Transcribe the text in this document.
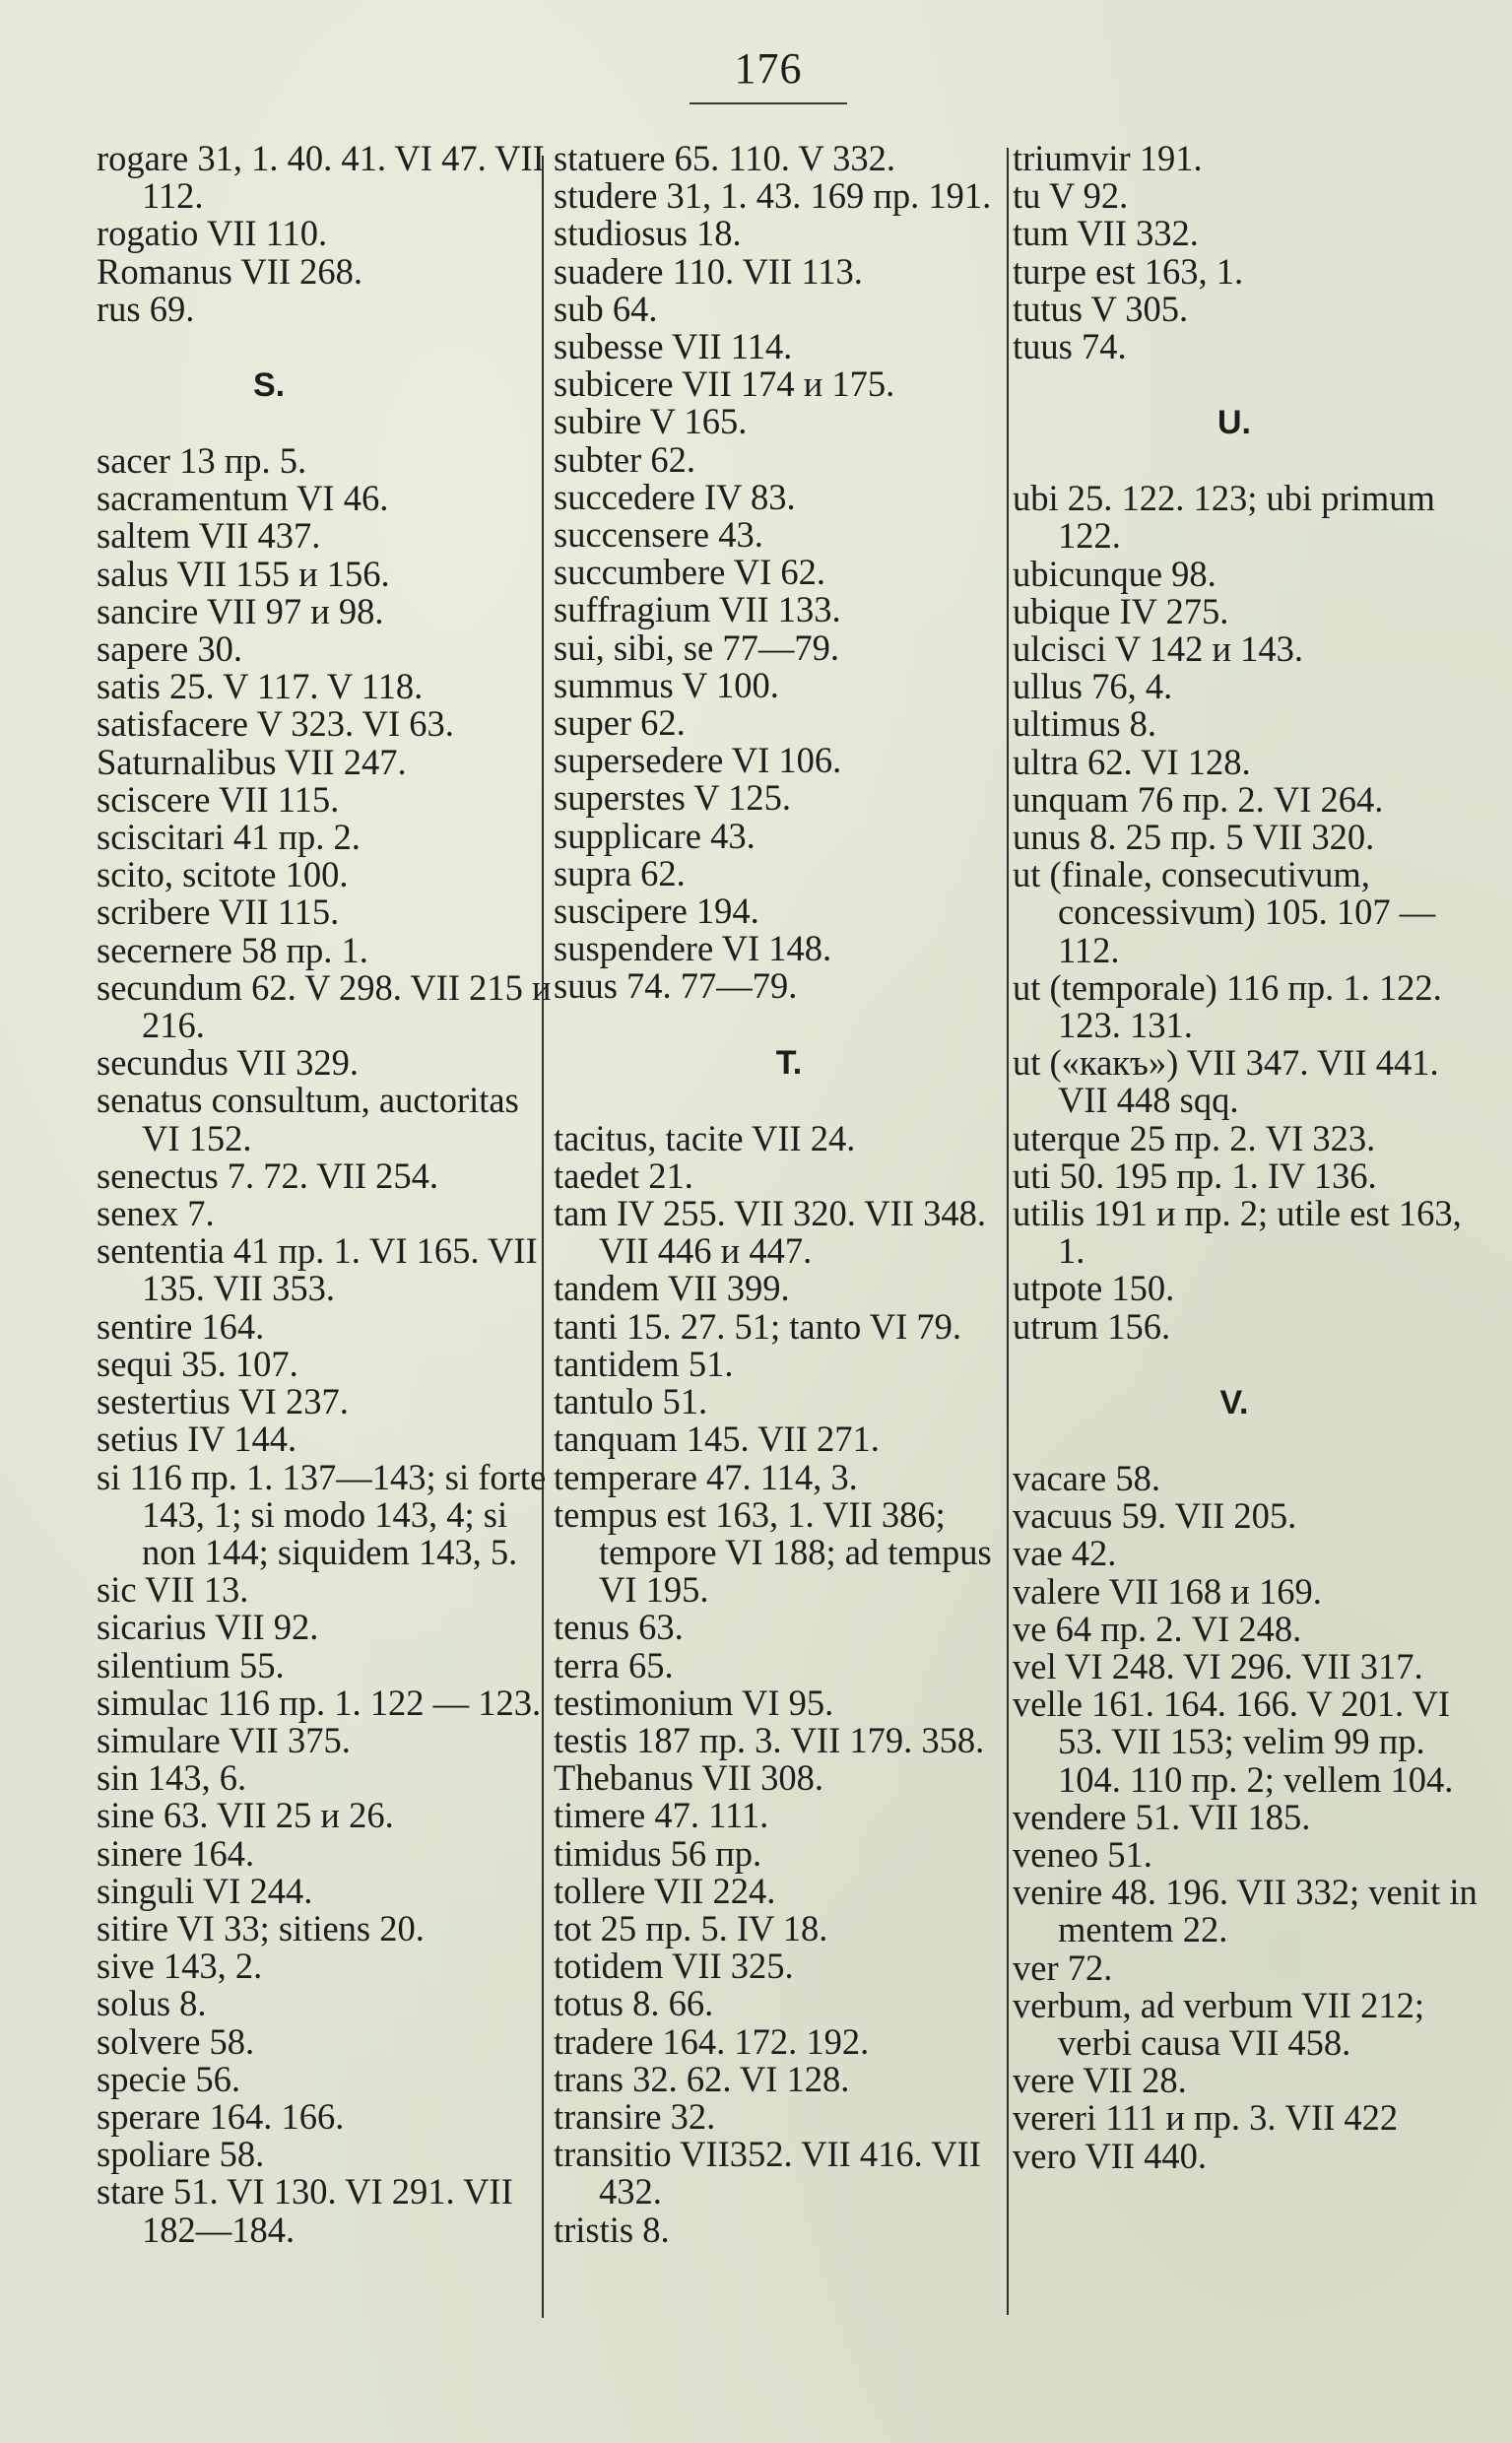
176
rogare 31, 1. 40. 41. VI 47. VII 112.
rogatio VII 110.
Romanus VII 268.
rus 69.
S.
sacer 13 пр. 5.
sacramentum VI 46.
saltem VII 437.
salus VII 155 и 156.
sancire VII 97 и 98.
sapere 30.
satis 25. V 117. V 118.
satisfacere V 323. VI 63.
Saturnalibus VII 247.
sciscere VII 115.
sciscitari 41 пр. 2.
scito, scitote 100.
scribere VII 115.
secernere 58 пр. 1.
secundum 62. V 298. VII 215 и 216.
secundus VII 329.
senatus consultum, auctoritas VI 152.
senectus 7. 72. VII 254.
senex 7.
sententia 41 пр. 1. VI 165. VII 135. VII 353.
sentire 164.
sequi 35. 107.
sestertius VI 237.
setius IV 144.
si 116 пр. 1. 137—143; si forte 143, 1; si modo 143, 4; si non 144; siquidem 143, 5.
sic VII 13.
sicarius VII 92.
silentium 55.
simulac 116 пр. 1. 122 — 123.
simulare VII 375.
sin 143, 6.
sine 63. VII 25 и 26.
sinere 164.
singuli VI 244.
sitire VI 33; sitiens 20.
sive 143, 2.
solus 8.
solvere 58.
specie 56.
sperare 164. 166.
spoliare 58.
stare 51. VI 130. VI 291. VII 182—184.
statuere 65. 110. V 332.
studere 31, 1. 43. 169 пр. 191.
studiosus 18.
suadere 110. VII 113.
sub 64.
subesse VII 114.
subicere VII 174 и 175.
subire V 165.
subter 62.
succedere IV 83.
succensere 43.
succumbere VI 62.
suffragium VII 133.
sui, sibi, se 77—79.
summus V 100.
super 62.
supersedere VI 106.
superstes V 125.
supplicare 43.
supra 62.
suscipere 194.
suspendere VI 148.
suus 74. 77—79.
T.
tacitus, tacite VII 24.
taedet 21.
tam IV 255. VII 320. VII 348. VII 446 и 447.
tandem VII 399.
tanti 15. 27. 51; tanto VI 79.
tantidem 51.
tantulo 51.
tanquam 145. VII 271.
temperare 47. 114, 3.
tempus est 163, 1. VII 386; tempore VI 188; ad tempus VI 195.
tenus 63.
terra 65.
testimonium VI 95.
testis 187 пр. 3. VII 179. 358.
Thebanus VII 308.
timere 47. 111.
timidus 56 пр.
tollere VII 224.
tot 25 пр. 5. IV 18.
totidem VII 325.
totus 8. 66.
tradere 164. 172. 192.
trans 32. 62. VI 128.
transire 32.
transitio VII352. VII 416. VII 432.
tristis 8.
triumvir 191.
tu V 92.
tum VII 332.
turpe est 163, 1.
tutus V 305.
tuus 74.
U.
ubi 25. 122. 123; ubi primum 122.
ubicunque 98.
ubique IV 275.
ulcisci V 142 и 143.
ullus 76, 4.
ultimus 8.
ultra 62. VI 128.
unquam 76 пр. 2. VI 264.
unus 8. 25 пр. 5 VII 320.
ut (finale, consecutivum, concessivum) 105. 107 — 112.
ut (temporale) 116 пр. 1. 122. 123. 131.
ut («какъ») VII 347. VII 441. VII 448 sqq.
uterque 25 пр. 2. VI 323.
uti 50. 195 пр. 1. IV 136.
utilis 191 и пр. 2; utile est 163, 1.
utpote 150.
utrum 156.
V.
vacare 58.
vacuus 59. VII 205.
vae 42.
valere VII 168 и 169.
ve 64 пр. 2. VI 248.
vel VI 248. VI 296. VII 317.
velle 161. 164. 166. V 201. VI 53. VII 153; velim 99 пр. 104. 110 пр. 2; vellem 104.
vendere 51. VII 185.
veneo 51.
venire 48. 196. VII 332; venit in mentem 22.
ver 72.
verbum, ad verbum VII 212; verbi causa VII 458.
vere VII 28.
vereri 111 и пр. 3. VII 422
vero VII 440.
